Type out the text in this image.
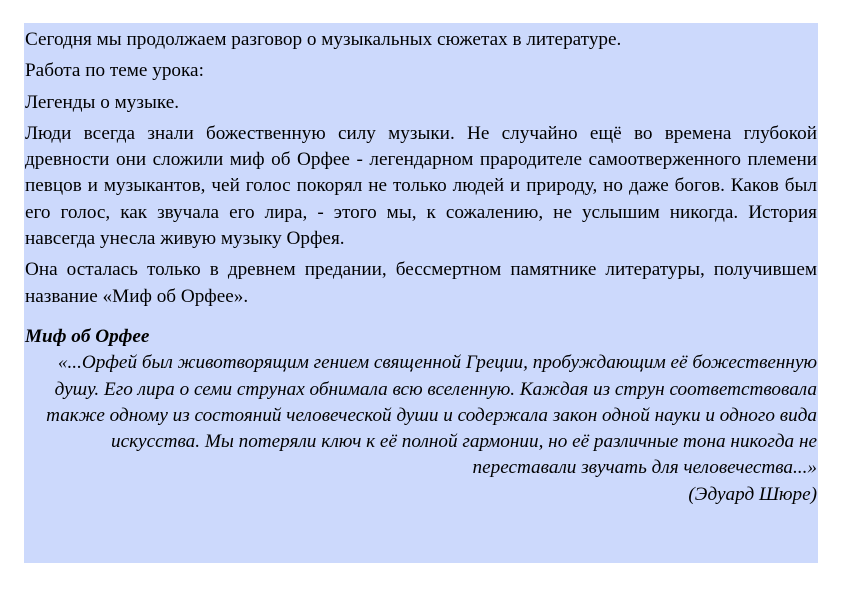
Сегодня мы продолжаем разговор о музыкальных сюжетах в литературе.

Работа по теме урока:

Легенды о музыке.

Люди всегда знали божественную силу музыки. Не случайно ещё во времена глубокой древности они сложили миф об Орфее - легендарном прародителе самоотверженного племени певцов и музыкантов, чей голос покорял не только людей и природу, но даже богов. Каков был его голос, как звучала его лира, - этого мы, к сожалению, не услышим никогда. История навсегда унесла живую музыку Орфея.

Она осталась только в древнем предании, бессмертном памятнике литературы, получившем название «Миф об Орфее».

Миф об Орфее

«...Орфей был животворящим гением священной Греции, пробуждающим её божественную душу. Его лира о семи струнах обнимала всю вселенную. Каждая из струн соответствовала также одному из состояний человеческой души и содержала закон одной науки и одного вида искусства. Мы потеряли ключ к её полной гармонии, но её различные тона никогда не переставали звучать для человечества...»

(Эдуард Шюре)
